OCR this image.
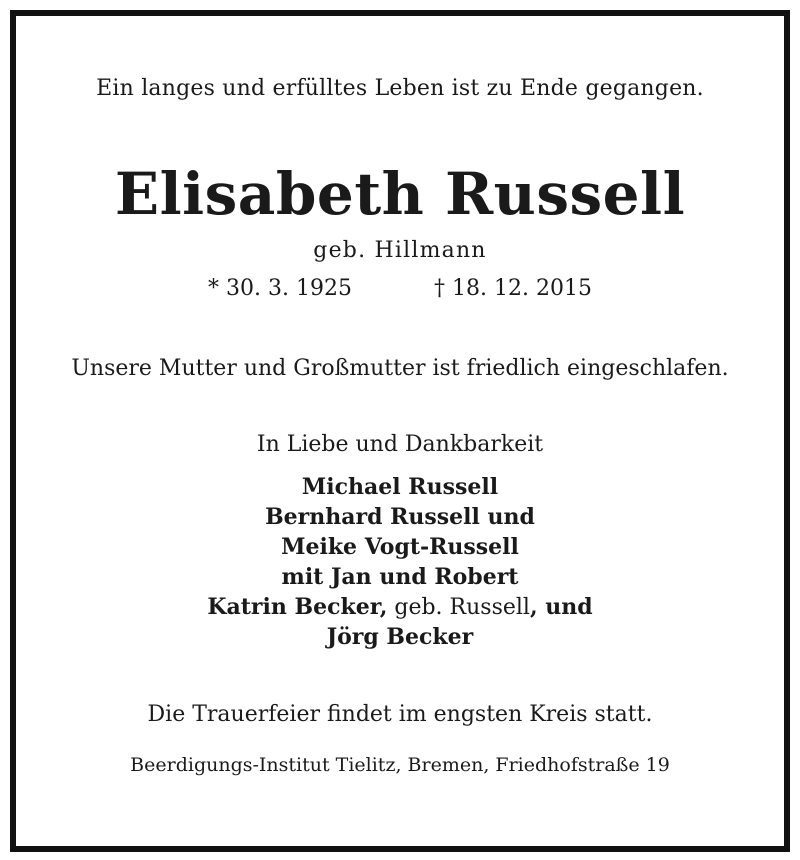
Ein langes und erfülltes Leben ist zu Ende gegangen.
Elisabeth Russell
geb. Hillmann
* 30. 3. 1925	† 18. 12. 2015
Unsere Mutter und Großmutter ist friedlich eingeschlafen.
In Liebe und Dankbarkeit
Michael Russell
Bernhard Russell und
Meike Vogt-Russell
mit Jan und Robert
Katrin Becker, geb. Russell, und
Jörg Becker
Die Trauerfeier findet im engsten Kreis statt.
Beerdigungs-Institut Tielitz, Bremen, Friedhofstraße 19
